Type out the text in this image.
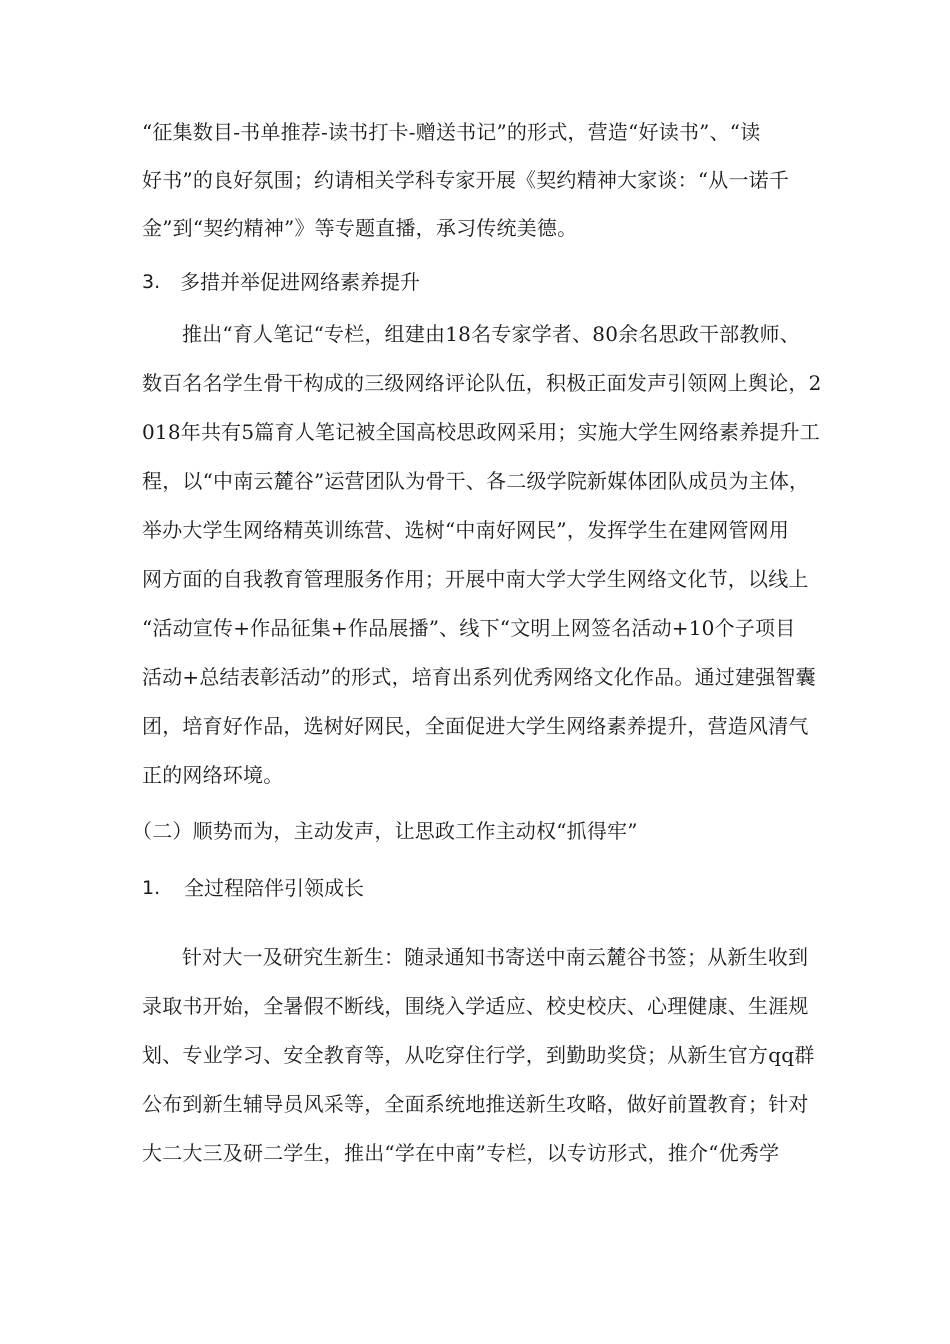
“征集数目-书单推荐-读书打卡-赠送书记”的形式，营造“好读书”、“读
好书”的良好氛围；约请相关学科专家开展《契约精神大家谈：“从一诺千
金”到“契约精神”》等专题直播，承习传统美德。
3. 多措并举促进网络素养提升
推出“育人笔记“专栏，组建由18名专家学者、80余名思政干部教师、
数百名名学生骨干构成的三级网络评论队伍，积极正面发声引领网上舆论，2
018年共有5篇育人笔记被全国高校思政网采用；实施大学生网络素养提升工
程，以“中南云麓谷”运营团队为骨干、各二级学院新媒体团队成员为主体，
举办大学生网络精英训练营、选树“中南好网民”，发挥学生在建网管网用
网方面的自我教育管理服务作用；开展中南大学大学生网络文化节，以线上
“活动宣传+作品征集+作品展播”、线下“文明上网签名活动+10个子项目
活动+总结表彰活动”的形式，培育出系列优秀网络文化作品。通过建强智囊
团，培育好作品，选树好网民，全面促进大学生网络素养提升，营造风清气
正的网络环境。
（二）顺势而为，主动发声，让思政工作主动权“抓得牢”
1.	全过程陪伴引领成长
针对大一及研究生新生：随录通知书寄送中南云麓谷书签；从新生收到
录取书开始，全暑假不断线，围绕入学适应、校史校庆、心理健康、生涯规
划、专业学习、安全教育等，从吃穿住行学，到勤助奖贷；从新生官方qq群
公布到新生辅导员风采等，全面系统地推送新生攻略，做好前置教育；针对
大二大三及研二学生，推出“学在中南”专栏，以专访形式，推介“优秀学
